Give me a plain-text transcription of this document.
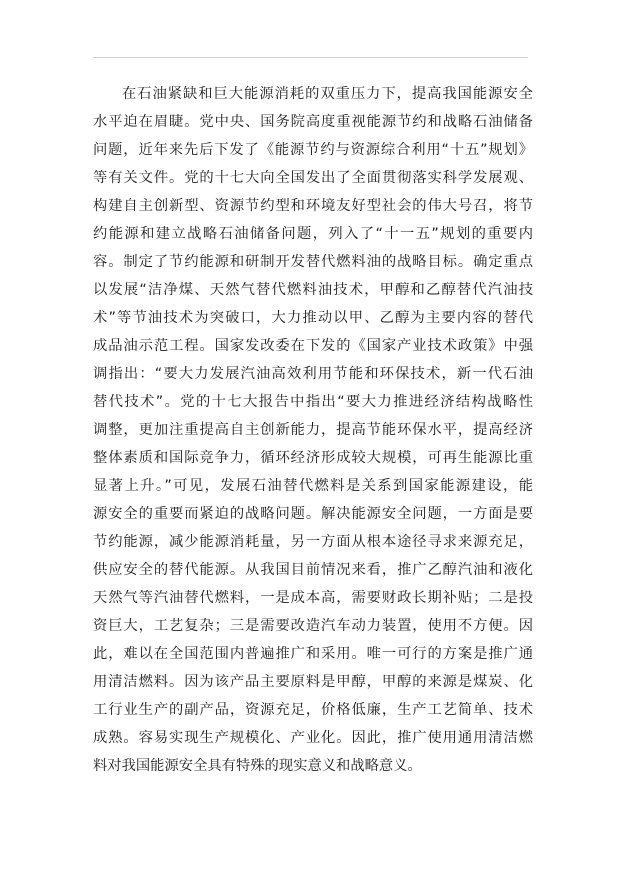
在石油紧缺和巨大能源消耗的双重压力下，提高我国能源安全
水平迫在眉睫。党中央、国务院高度重视能源节约和战略石油储备
问题，近年来先后下发了《能源节约与资源综合利用“十五”规划》
等有关文件。党的十七大向全国发出了全面贯彻落实科学发展观、
构建自主创新型、资源节约型和环境友好型社会的伟大号召，将节
约能源和建立战略石油储备问题，列入了“十一五”规划的重要内
容。制定了节约能源和研制开发替代燃料油的战略目标。确定重点
以发展“洁净煤、天然气替代燃料油技术，甲醇和乙醇替代汽油技
术”等节油技术为突破口，大力推动以甲、乙醇为主要内容的替代
成品油示范工程。国家发改委在下发的《国家产业技术政策》中强
调指出：“要大力发展汽油高效利用节能和环保技术，新一代石油
替代技术”。党的十七大报告中指出“要大力推进经济结构战略性
调整，更加注重提高自主创新能力，提高节能环保水平，提高经济
整体素质和国际竞争力，循环经济形成较大规模，可再生能源比重
显著上升。”可见，发展石油替代燃料是关系到国家能源建设，能
源安全的重要而紧迫的战略问题。解决能源安全问题，一方面是要
节约能源，减少能源消耗量，另一方面从根本途径寻求来源充足，
供应安全的替代能源。从我国目前情况来看，推广乙醇汽油和液化
天然气等汽油替代燃料，一是成本高，需要财政长期补贴；二是投
资巨大，工艺复杂；三是需要改造汽车动力装置，使用不方便。因
此，难以在全国范围内普遍推广和采用。唯一可行的方案是推广通
用清洁燃料。因为该产品主要原料是甲醇，甲醇的来源是煤炭、化
工行业生产的副产品，资源充足，价格低廉，生产工艺简单、技术
成熟。容易实现生产规模化、产业化。因此，推广使用通用清洁燃
料对我国能源安全具有特殊的现实意义和战略意义。
